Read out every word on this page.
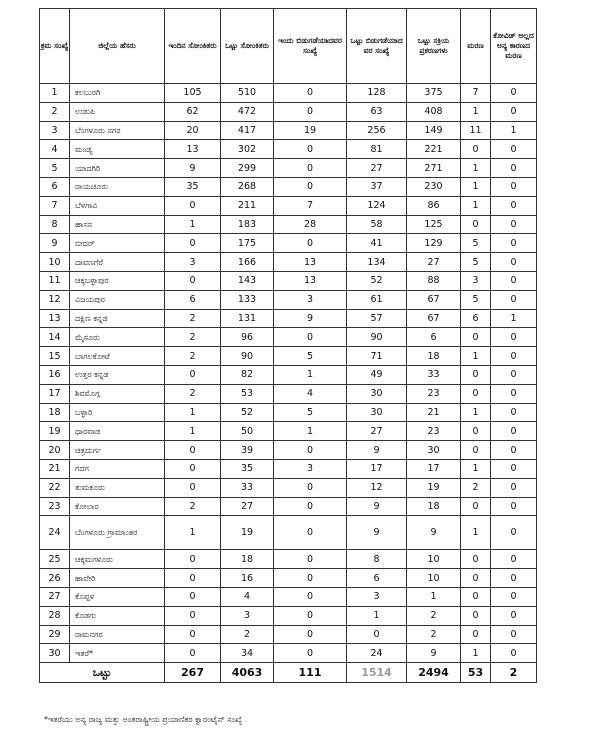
ಕ್ರಮ ಸಂಖ್ಯೆ	ಜಿಲ್ಲೆಯ ಹೆಸರು	ಇಂದಿನ ಸೋಂಕಿತರು	ಒಟ್ಟು ಸೋಂಕಿತರು	ಇಂದು ಬಿಡುಗಡೆಯಾದವರ ಸಂಖ್ಯೆ	ಒಟ್ಟು ಬಿಡುಗಡೆಯಾದ ವರ ಸಂಖ್ಯೆ	ಒಟ್ಟು ಸಕ್ರಿಯ ಪ್ರಕರಣಗಳು	ಮರಣ	ಕೋವಿಡ್ ಅಲ್ಲದ ಅನ್ಯ ಕಾರಣದ ಮರಣ
1	ಕಲಬುರಗಿ	105	510	0	128	375	7	0
2	ಉಡುಪಿ	62	472	0	63	408	1	0
3	ಬೆಂಗಳೂರು ನಗರ	20	417	19	256	149	11	1
4	ಮಂಡ್ಯ	13	302	0	81	221	0	0
5	ಯಾದಗಿರಿ	9	299	0	27	271	1	0
6	ರಾಯಚೂರು	35	268	0	37	230	1	0
7	ಬೆಳಗಾವಿ	0	211	7	124	86	1	0
8	ಹಾಸನ	1	183	28	58	125	0	0
9	ಬೀದರ್	0	175	0	41	129	5	0
10	ದಾವಣಗೆರೆ	3	166	13	134	27	5	0
11	ಚಿಕ್ಕಬಳ್ಳಾಪುರ	0	143	13	52	88	3	0
12	ವಿಜಯಪುರ	6	133	3	61	67	5	0
13	ದಕ್ಷಿಣ ಕನ್ನಡ	2	131	9	57	67	6	1
14	ಮೈಸೂರು	2	96	0	90	6	0	0
15	ಬಾಗಲಕೋಟೆ	2	90	5	71	18	1	0
16	ಉತ್ತರ ಕನ್ನಡ	0	82	1	49	33	0	0
17	ಶಿವಮೊಗ್ಗ	2	53	4	30	23	0	0
18	ಬಳ್ಳಾರಿ	1	52	5	30	21	1	0
19	ಧಾರವಾಡ	1	50	1	27	23	0	0
20	ಚಿತ್ರದುರ್ಗ	0	39	0	9	30	0	0
21	ಗದಗ	0	35	3	17	17	1	0
22	ತುಮಕೂರು	0	33	0	12	19	2	0
23	ಕೋಲಾರ	2	27	0	9	18	0	0
24	ಬೆಂಗಳೂರು ಗ್ರಾಮಾಂತರ	1	19	0	9	9	1	0
25	ಚಿಕ್ಕಮಗಳೂರು	0	18	0	8	10	0	0
26	ಹಾವೇರಿ	0	16	0	6	10	0	0
27	ಕೊಪ್ಪಳ	0	4	0	3	1	0	0
28	ಕೊಡಗು	0	3	0	1	2	0	0
29	ರಾಮನಗರ	0	2	0	0	2	0	0
30	ಇತರೆ*	0	34	0	24	9	1	0
ಒಟ್ಟು		267	4063	111	1514	2494	53	2
*ಇತರೆಯು ಅನ್ಯ ರಾಜ್ಯ ಮತ್ತು ಅಂತರಾಷ್ಟ್ರೀಯ ಪ್ರಯಾಣಿಕರ ಕ್ವಾರಂಟೈನ್ ಸಂಖ್ಯೆ
